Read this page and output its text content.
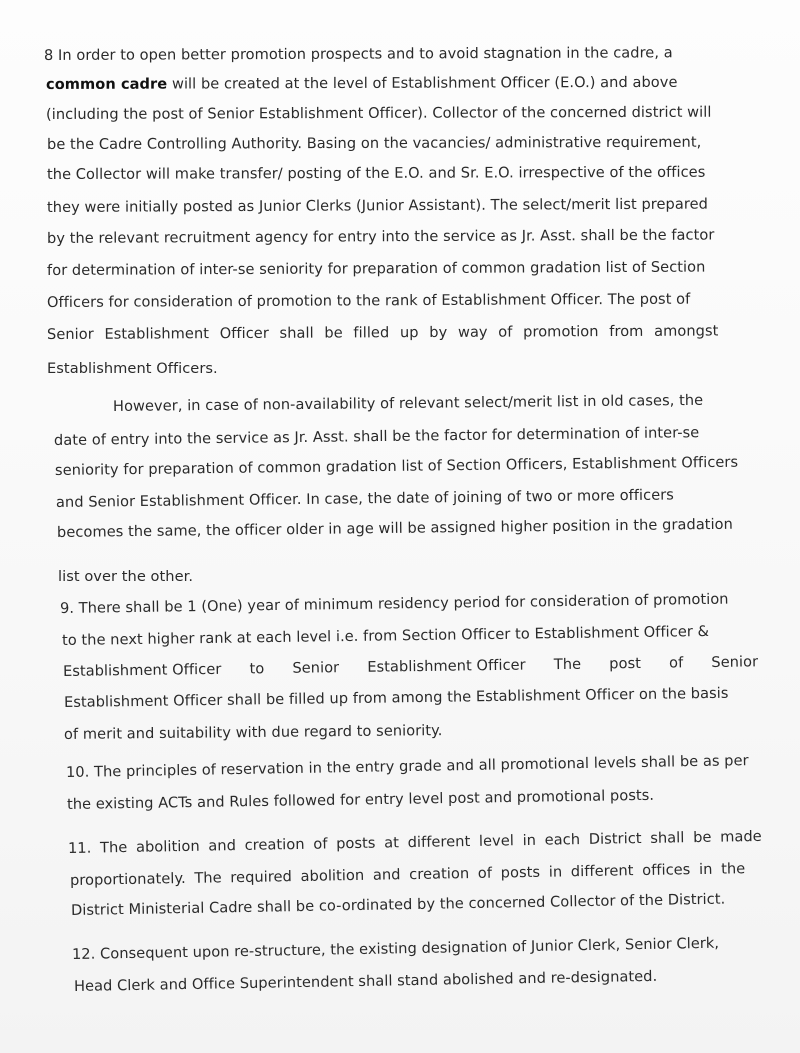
8 In order to open better promotion prospects and to avoid stagnation in the cadre, a
common cadre will be created at the level of Establishment Officer (E.O.) and above
(including the post of Senior Establishment Officer). Collector of the concerned district will
be the Cadre Controlling Authority. Basing on the vacancies/ administrative requirement,
the Collector will make transfer/ posting of the E.O. and Sr. E.O. irrespective of the offices
they were initially posted as Junior Clerks (Junior Assistant). The select/merit list prepared
by the relevant recruitment agency for entry into the service as Jr. Asst. shall be the factor
for determination of inter-se seniority for preparation of common gradation list of Section
Officers for consideration of promotion to the rank of Establishment Officer. The post of
Senior Establishment Officer shall be filled up by way of promotion from amongst
Establishment Officers.
However, in case of non-availability of relevant select/merit list in old cases, the
date of entry into the service as Jr. Asst. shall be the factor for determination of inter-se
seniority for preparation of common gradation list of Section Officers, Establishment Officers
and Senior Establishment Officer. In case, the date of joining of two or more officers
becomes the same, the officer older in age will be assigned higher position in the gradation
list over the other.
9. There shall be 1 (One) year of minimum residency period for consideration of promotion
to the next higher rank at each level i.e. from Section Officer to Establishment Officer &
Establishment Officer      to      Senior      Establishment Officer      The      post      of      Senior
Establishment Officer shall be filled up from among the Establishment Officer on the basis
of merit and suitability with due regard to seniority.
10. The principles of reservation in the entry grade and all promotional levels shall be as per
the existing ACTs and Rules followed for entry level post and promotional posts.
11. The abolition and creation of posts at different level in each District shall be made
proportionately. The required abolition and creation of posts in different offices in the
District Ministerial Cadre shall be co-ordinated by the concerned Collector of the District.
12. Consequent upon re-structure, the existing designation of Junior Clerk, Senior Clerk,
Head Clerk and Office Superintendent shall stand abolished and re-designated.
